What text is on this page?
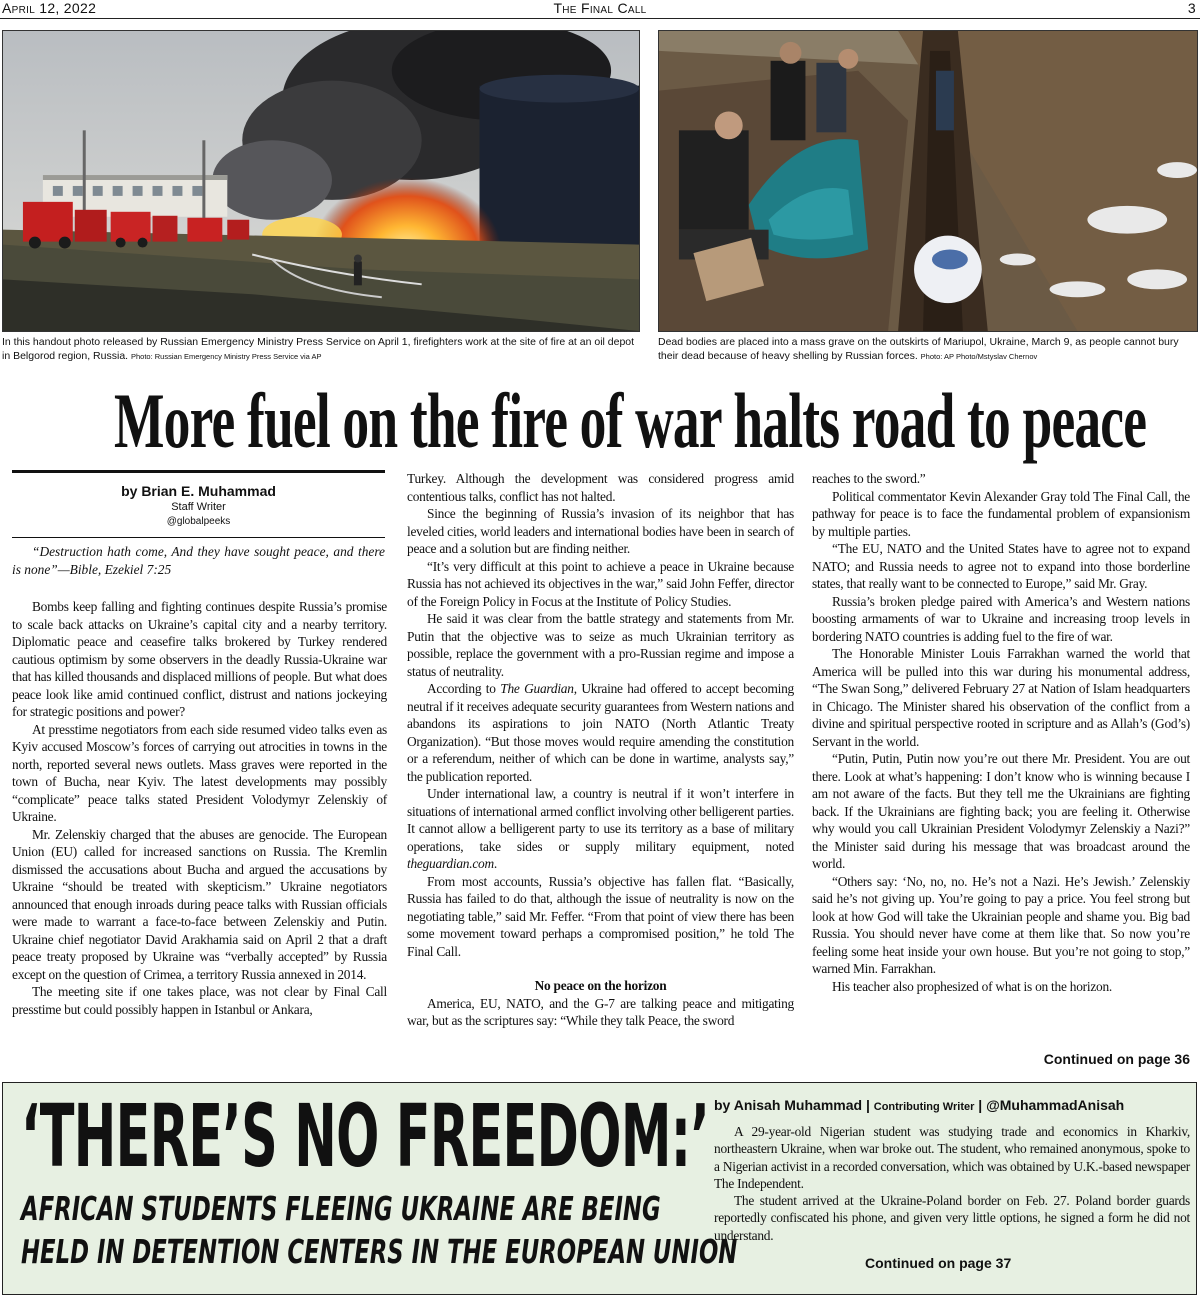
April 12, 2022	The Final Call	3
In this handout photo released by Russian Emergency Ministry Press Service on April 1, firefighters work at the site of fire at an oil depot in Belgorod region, Russia. Photo: Russian Emergency Ministry Press Service via AP
Dead bodies are placed into a mass grave on the outskirts of Mariupol, Ukraine, March 9, as people cannot bury their dead because of heavy shelling by Russian forces. Photo: AP Photo/Mstyslav Chernov
More fuel on the fire of war halts road to peace
by Brian E. Muhammad
Staff Writer
@globalpeeks

“Destruction hath come, And they have sought peace, and there is none”—Bible, Ezekiel 7:25

Bombs keep falling and fighting continues despite Russia’s promise to scale back attacks on Ukraine’s capital city and a nearby territory. Diplomatic peace and ceasefire talks brokered by Turkey rendered cautious optimism by some observers in the deadly Russia-Ukraine war that has killed thousands and displaced millions of people. But what does peace look like amid continued conflict, distrust and nations jockeying for strategic positions and power?

At presstime negotiators from each side resumed video talks even as Kyiv accused Moscow’s forces of carrying out atrocities in towns in the north, reported several news outlets. Mass graves were reported in the town of Bucha, near Kyiv. The latest developments may possibly “complicate” peace talks stated President Volodymyr Zelenskiy of Ukraine.

Mr. Zelenskiy charged that the abuses are genocide. The European Union (EU) called for increased sanctions on Russia. The Kremlin dismissed the accusations about Bucha and argued the accusations by Ukraine “should be treated with skepticism.” Ukraine negotiators announced that enough inroads during peace talks with Russian officials were made to warrant a face-to-face between Zelenskiy and Putin. Ukraine chief negotiator David Arakhamia said on April 2 that a draft peace treaty proposed by Ukraine was “verbally accepted” by Russia except on the question of Crimea, a territory Russia annexed in 2014.

The meeting site if one takes place, was not clear by Final Call presstime but could possibly happen in Istanbul or Ankara,

Turkey. Although the development was considered progress amid contentious talks, conflict has not halted.

Since the beginning of Russia’s invasion of its neighbor that has leveled cities, world leaders and international bodies have been in search of peace and a solution but are finding neither.

“It’s very difficult at this point to achieve a peace in Ukraine because Russia has not achieved its objectives in the war,” said John Feffer, director of the Foreign Policy in Focus at the Institute of Policy Studies.

He said it was clear from the battle strategy and statements from Mr. Putin that the objective was to seize as much Ukrainian territory as possible, replace the government with a pro-Russian regime and impose a status of neutrality.

According to The Guardian, Ukraine had offered to accept becoming neutral if it receives adequate security guarantees from Western nations and abandons its aspirations to join NATO (North Atlantic Treaty Organization). “But those moves would require amending the constitution or a referendum, neither of which can be done in wartime, analysts say,” the publication reported.

Under international law, a country is neutral if it won’t interfere in situations of international armed conflict involving other belligerent parties. It cannot allow a belligerent party to use its territory as a base of military operations, take sides or supply military equipment, noted theguardian.com.

From most accounts, Russia’s objective has fallen flat. “Basically, Russia has failed to do that, although the issue of neutrality is now on the negotiating table,” said Mr. Feffer. “From that point of view there has been some movement toward perhaps a compromised position,” he told The Final Call.

No peace on the horizon

America, EU, NATO, and the G-7 are talking peace and mitigating war, but as the scriptures say: “While they talk Peace, the sword

reaches to the sword.”

Political commentator Kevin Alexander Gray told The Final Call, the pathway for peace is to face the fundamental problem of expansionism by multiple parties.

“The EU, NATO and the United States have to agree not to expand NATO; and Russia needs to agree not to expand into those borderline states, that really want to be connected to Europe,” said Mr. Gray.

Russia’s broken pledge paired with America’s and Western nations boosting armaments of war to Ukraine and increasing troop levels in bordering NATO countries is adding fuel to the fire of war.

The Honorable Minister Louis Farrakhan warned the world that America will be pulled into this war during his monumental address, “The Swan Song,” delivered February 27 at Nation of Islam headquarters in Chicago. The Minister shared his observation of the conflict from a divine and spiritual perspective rooted in scripture and as Allah’s (God’s) Servant in the world.

“Putin, Putin, Putin now you’re out there Mr. President. You are out there. Look at what’s happening: I don’t know who is winning because I am not aware of the facts. But they tell me the Ukrainians are fighting back. If the Ukrainians are fighting back; you are feeling it. Otherwise why would you call Ukrainian President Volodymyr Zelenskiy a Nazi?” the Minister said during his message that was broadcast around the world.

“Others say: ‘No, no, no. He’s not a Nazi. He’s Jewish.’ Zelenskiy said he’s not giving up. You’re going to pay a price. You feel strong but look at how God will take the Ukrainian people and shame you. Big bad Russia. You should never have come at them like that. So now you’re feeling some heat inside your own house. But you’re not going to stop,” warned Min. Farrakhan.

His teacher also prophesized of what is on the horizon.

Continued on page 36
‘THERE’S NO FREEDOM:’
AFRICAN STUDENTS FLEEING UKRAINE ARE BEING
HELD IN DETENTION CENTERS IN THE EUROPEAN UNION
by Anisah Muhammad | Contributing Writer | @MuhammadAnisah

A 29-year-old Nigerian student was studying trade and economics in Kharkiv, northeastern Ukraine, when war broke out. The student, who remained anonymous, spoke to a Nigerian activist in a recorded conversation, which was obtained by U.K.-based newspaper The Independent.

The student arrived at the Ukraine-Poland border on Feb. 27. Poland border guards reportedly confiscated his phone, and given very little options, he signed a form he did not understand.

Continued on page 37
